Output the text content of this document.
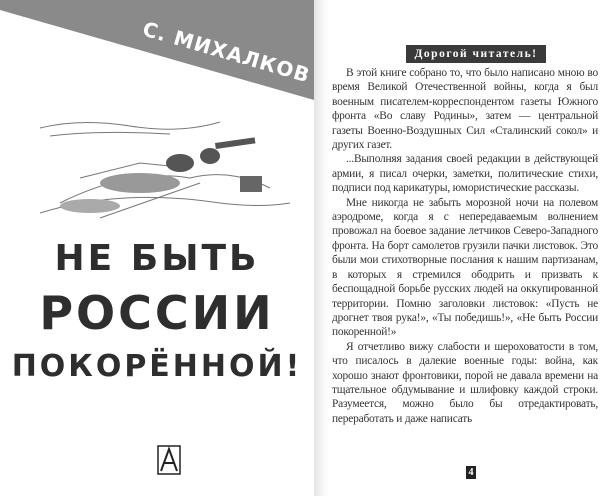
С. МИХАЛКОВ
НЕ БЫТЬ
РОССИИ
ПОКОРЁННОЙ!
Дорогой читатель!

В этой книге собрано то, что было написано мною во время Великой Отечественной войны, когда я был военным писателем-корреспондентом газеты Южного фронта «Во славу Родины», затем — центральной газеты Военно-Воздушных Сил «Сталинский сокол» и других газет.

...Выполняя задания своей редакции в действующей армии, я писал очерки, заметки, политические стихи, подписи под карикатуры, юмористические рассказы.

Мне никогда не забыть морозной ночи на полевом аэродроме, когда я с непередаваемым волнением провожал на боевое задание летчиков Северо-Западного фронта. На борт самолетов грузили пачки листовок. Это были мои стихотворные послания к нашим партизанам, в которых я стремился ободрить и призвать к беспощадной борьбе русских людей на оккупированной территории. Помню заголовки листовок: «Пусть не дрогнет твоя рука!», «Ты победишь!», «Не быть России покоренной!»

Я отчетливо вижу слабости и шероховатости в том, что писалось в далекие военные годы: война, как хорошо знают фронтовики, порой не давала времени на тщательное обдумывание и шлифовку каждой строки. Разумеется, можно было бы отредактировать, переработать и даже написать

4
